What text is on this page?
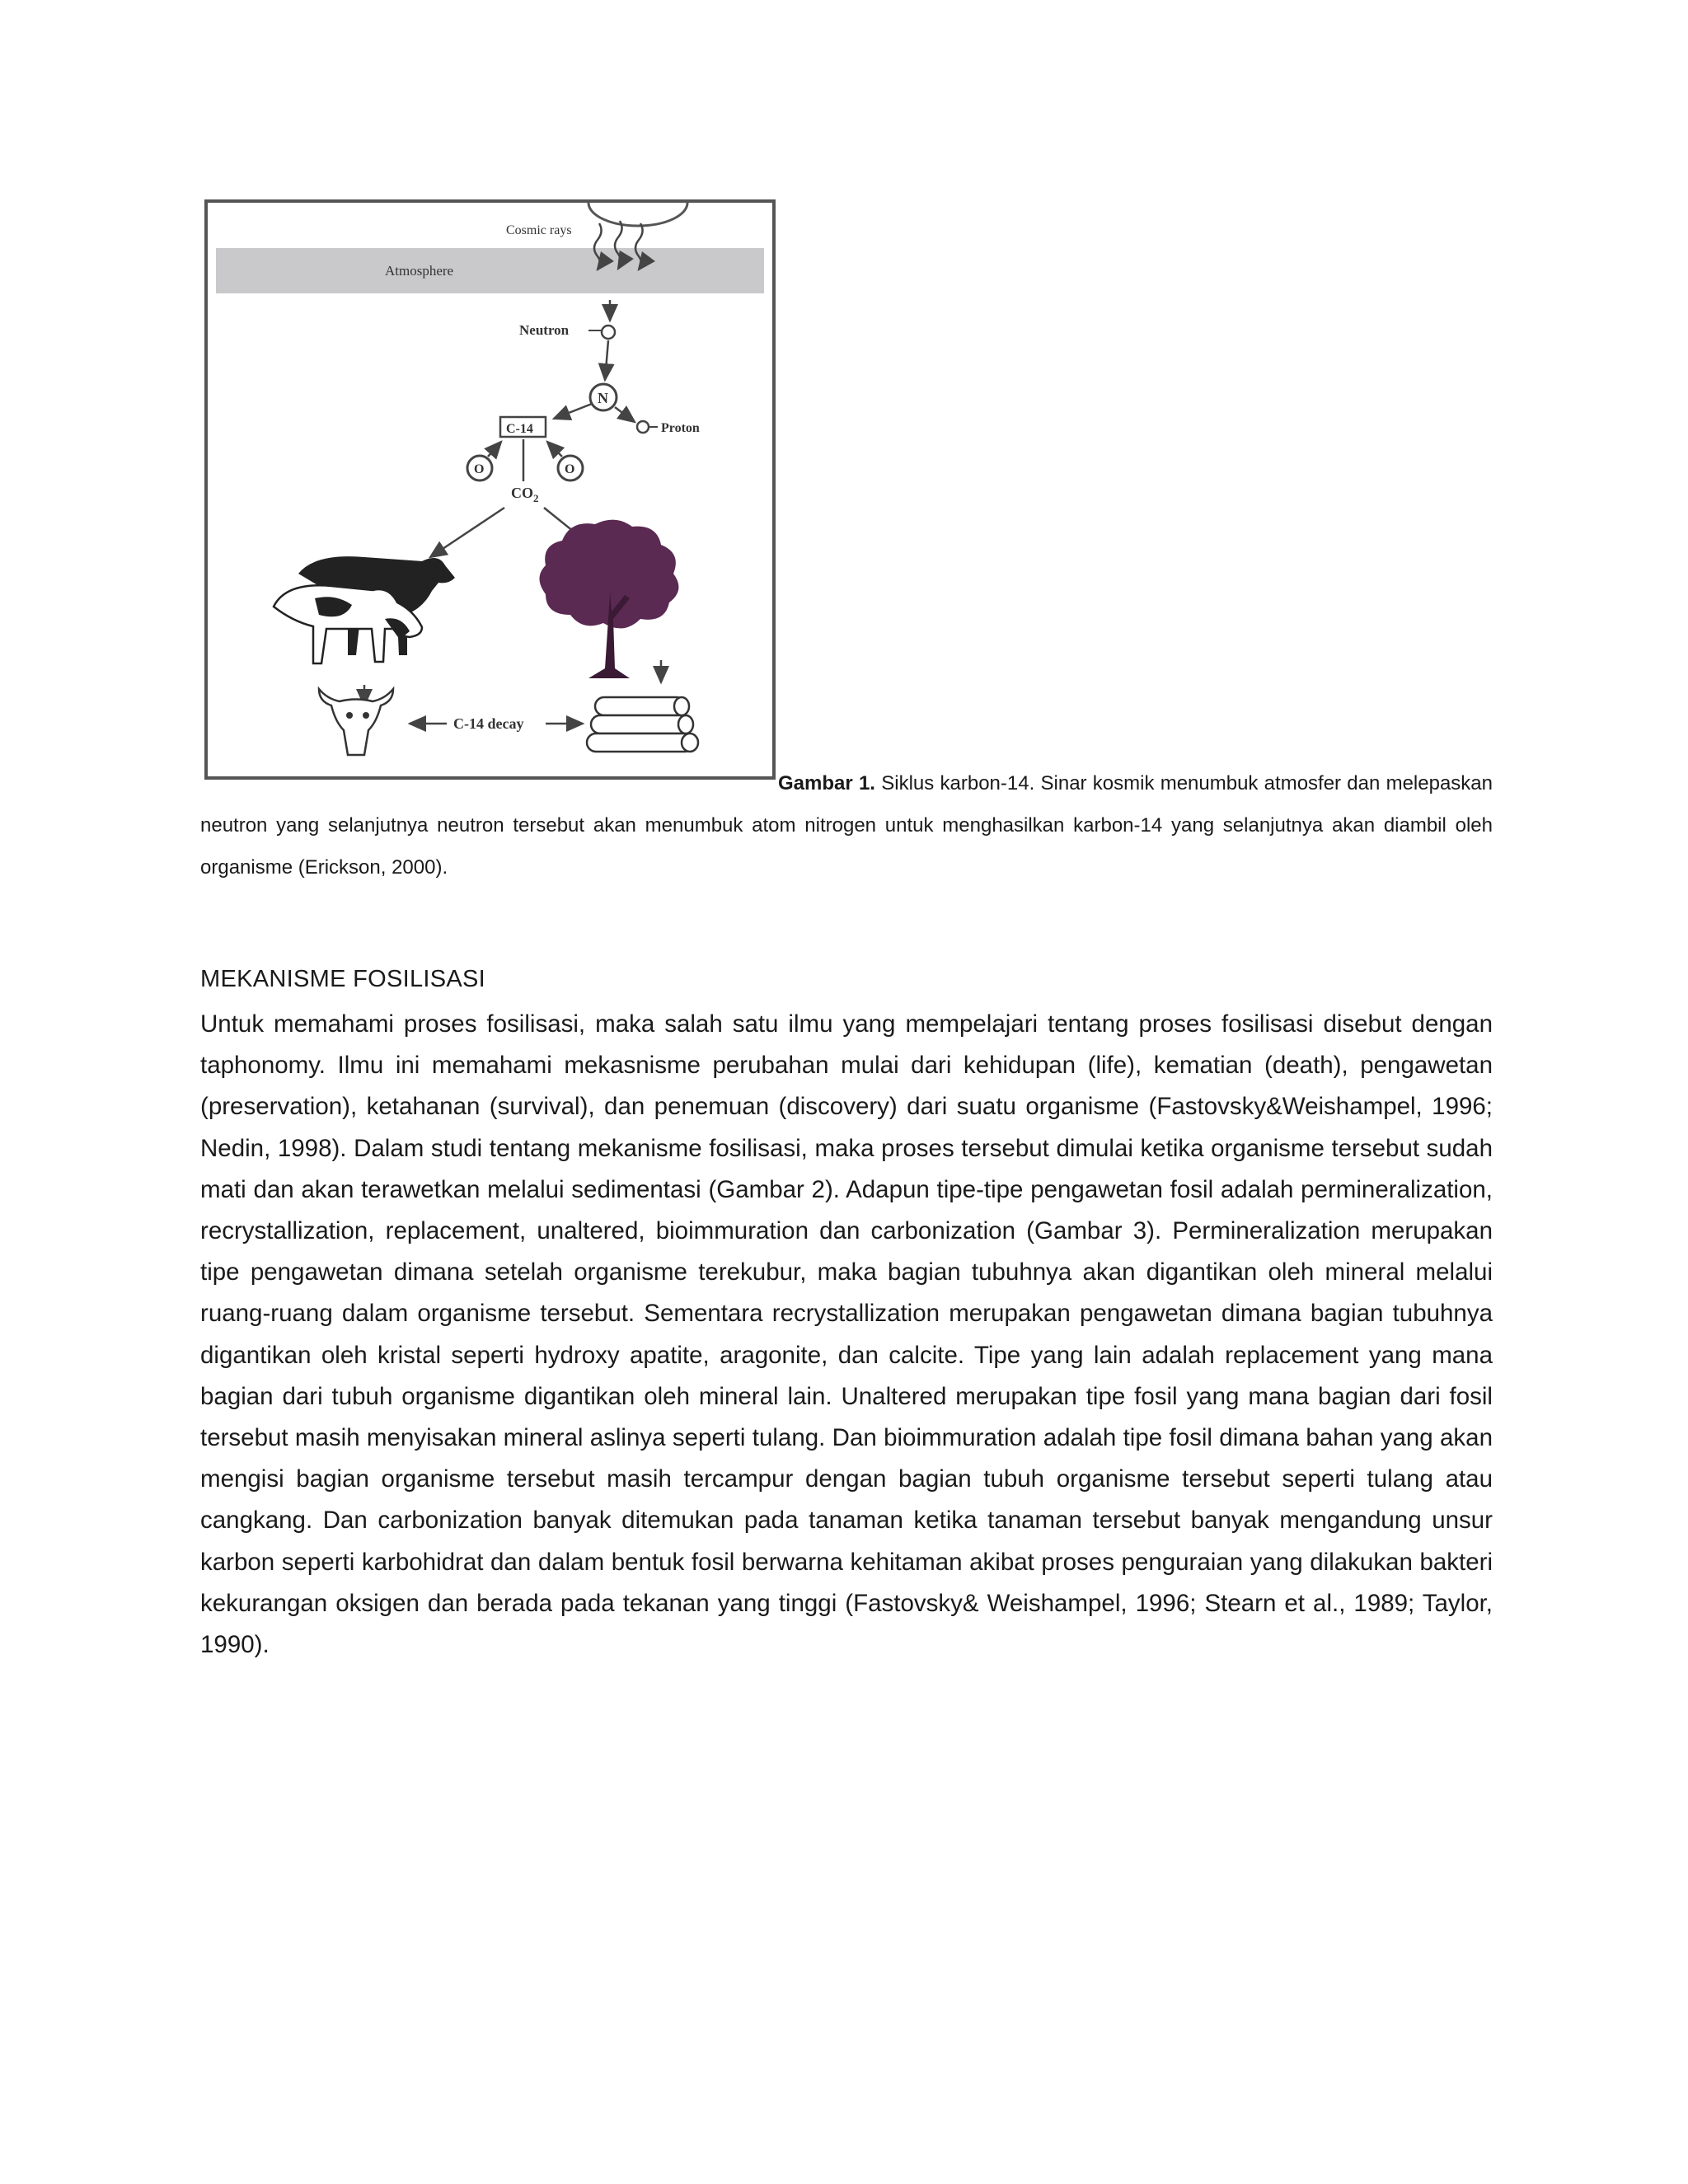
Atmosphere
Cosmic rays
Neutron
N
Proton
C-14
O	O
$CO_2$
C-14 decay

Gambar 1. Siklus karbon-14. Sinar kosmik menumbuk atmosfer dan melepaskan neutron yang selanjutnya neutron tersebut akan menumbuk atom nitrogen untuk menghasilkan karbon-14 yang selanjutnya akan diambil oleh organisme (Erickson, 2000).

MEKANISME FOSILISASI

Untuk memahami proses fosilisasi, maka salah satu ilmu yang mempelajari tentang proses fosilisasi disebut dengan taphonomy. Ilmu ini memahami mekasnisme perubahan mulai dari kehidupan (life), kematian (death), pengawetan (preservation), ketahanan (survival), dan penemuan (discovery) dari suatu organisme (Fastovsky&Weishampel, 1996; Nedin, 1998). Dalam studi tentang mekanisme fosilisasi, maka proses tersebut dimulai ketika organisme tersebut sudah mati dan akan terawetkan melalui sedimentasi (Gambar 2). Adapun tipe-tipe pengawetan fosil adalah permineralization, recrystallization, replacement, unaltered, bioimmuration dan carbonization (Gambar 3). Permineralization merupakan tipe pengawetan dimana setelah organisme terekubur, maka bagian tubuhnya akan digantikan oleh mineral melalui ruang-ruang dalam organisme tersebut. Sementara recrystallization merupakan pengawetan dimana bagian tubuhnya digantikan oleh kristal seperti hydroxy apatite, aragonite, dan calcite. Tipe yang lain adalah replacement yang mana bagian dari tubuh organisme digantikan oleh mineral lain. Unaltered merupakan tipe fosil yang mana bagian dari fosil tersebut masih menyisakan mineral aslinya seperti tulang. Dan bioimmuration adalah tipe fosil dimana bahan yang akan mengisi bagian organisme tersebut masih tercampur dengan bagian tubuh organisme tersebut seperti tulang atau cangkang. Dan carbonization banyak ditemukan pada tanaman ketika tanaman tersebut banyak mengandung unsur karbon seperti karbohidrat dan dalam bentuk fosil berwarna kehitaman akibat proses penguraian yang dilakukan bakteri kekurangan oksigen dan berada pada tekanan yang tinggi (Fastovsky& Weishampel, 1996; Stearn et al., 1989; Taylor, 1990).
